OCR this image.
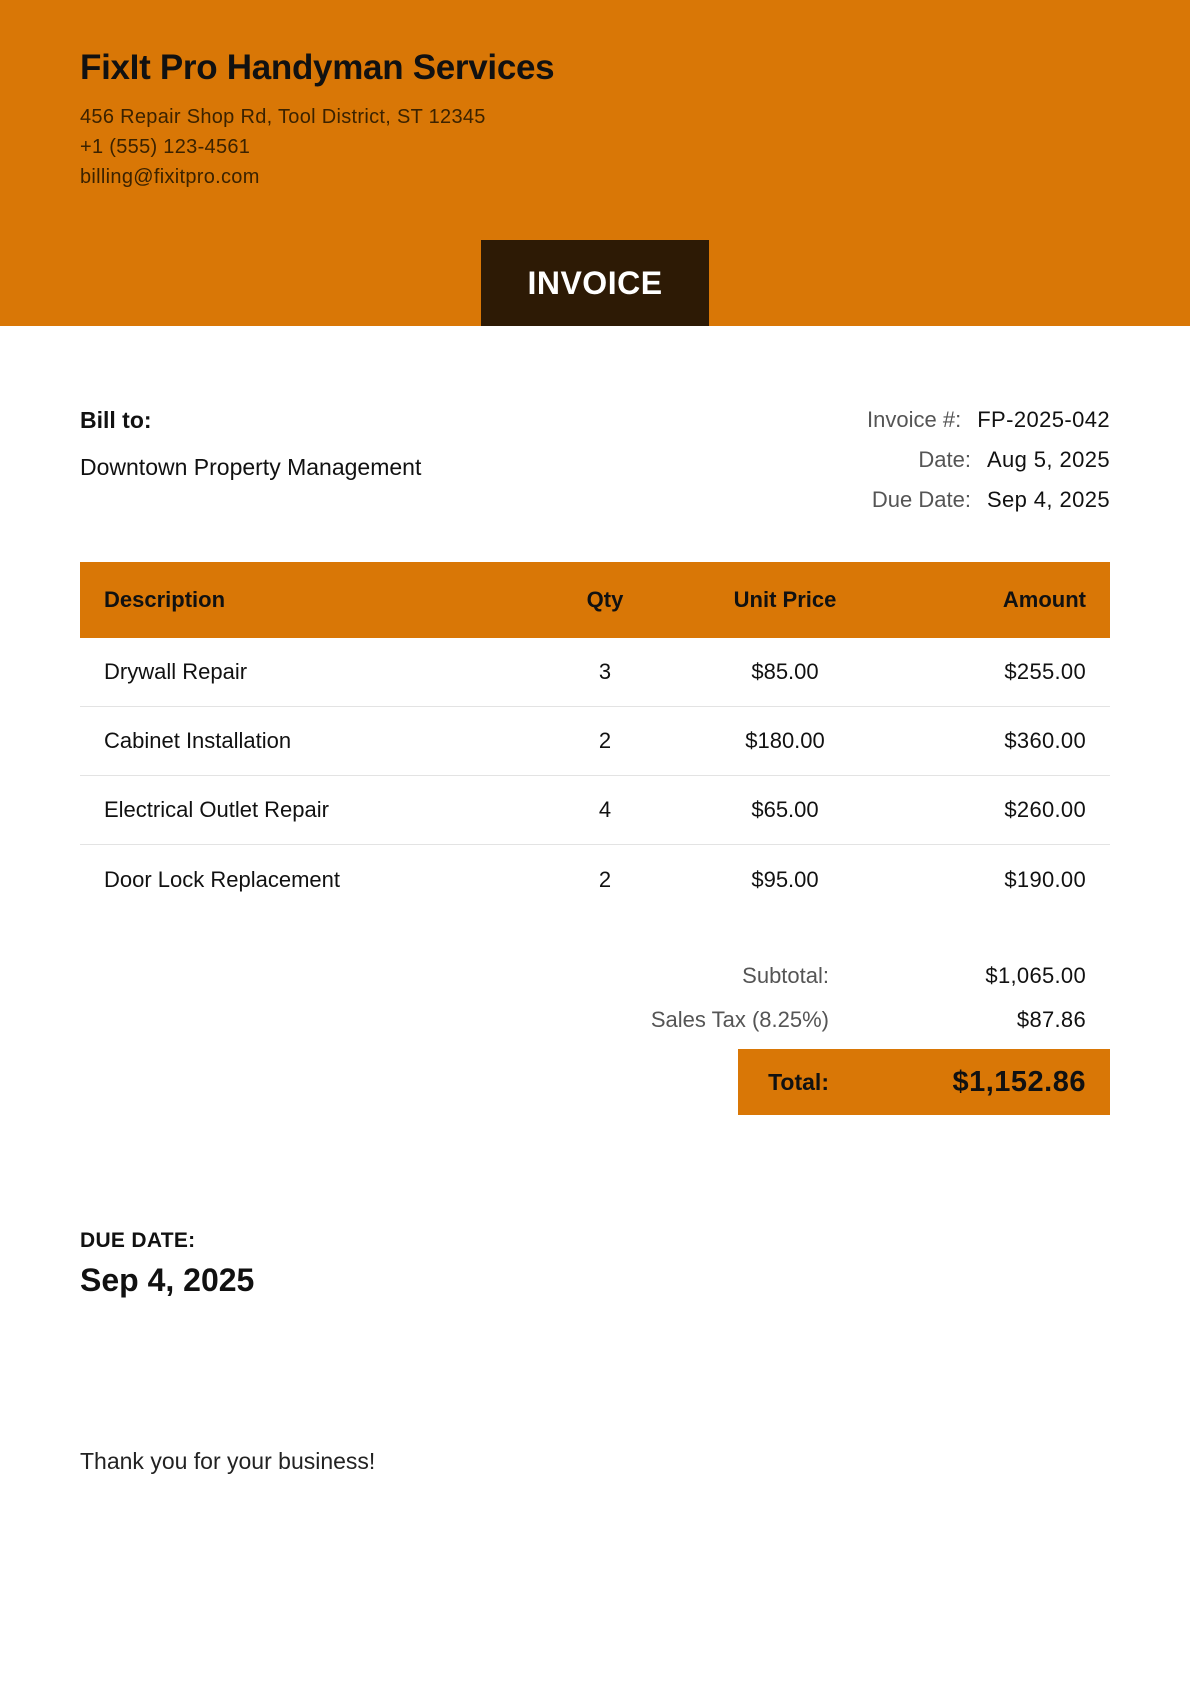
FixIt Pro Handyman Services
456 Repair Shop Rd, Tool District, ST 12345
+1 (555) 123-4561
billing@fixitpro.com
INVOICE
Bill to:
Downtown Property Management
Invoice #: FP-2025-042
Date: Aug 5, 2025
Due Date: Sep 4, 2025
Description	Qty	Unit Price	Amount
Drywall Repair	3	$85.00	$255.00
Cabinet Installation	2	$180.00	$360.00
Electrical Outlet Repair	4	$65.00	$260.00
Door Lock Replacement	2	$95.00	$190.00
Subtotal:	$1,065.00
Sales Tax (8.25%)	$87.86
Total:	$1,152.86
DUE DATE:
Sep 4, 2025
Thank you for your business!
